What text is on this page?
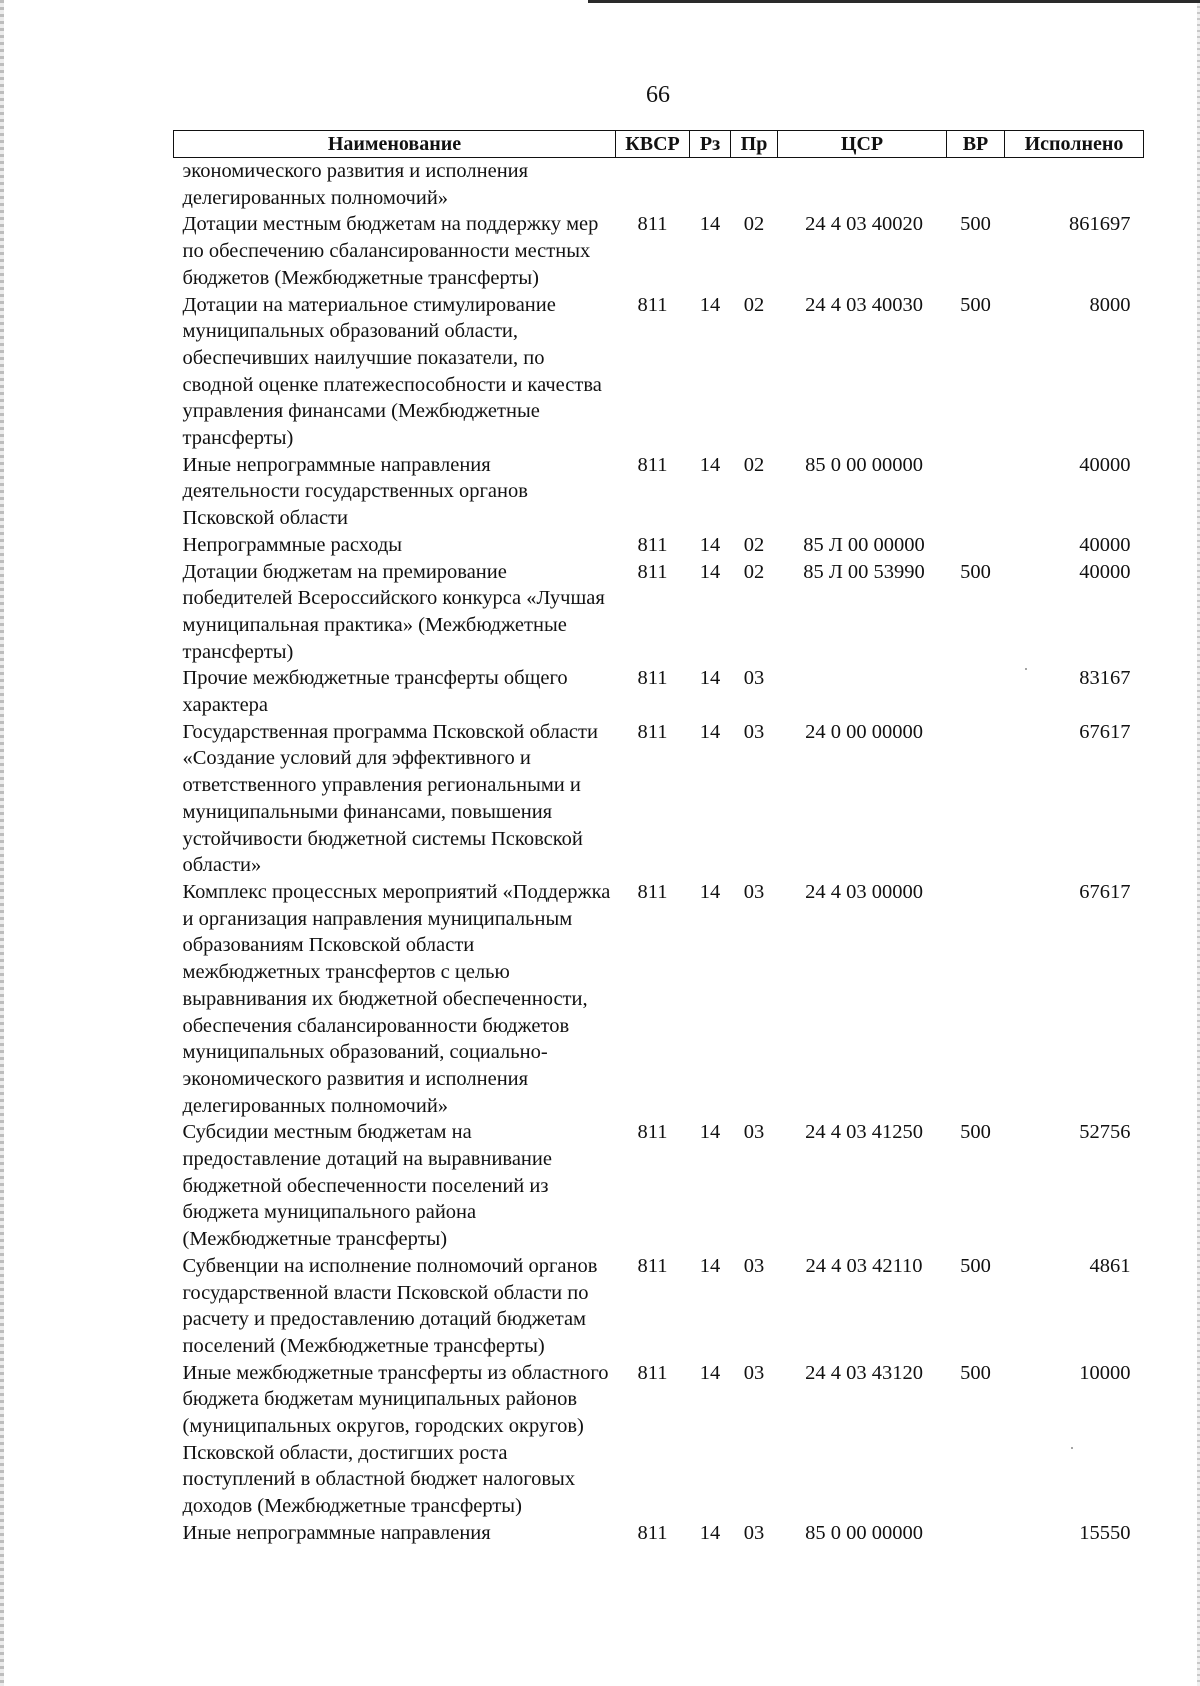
66
Наименование	КВСР	Рз	Пр	ЦСР	ВР	Исполнено
экономического развития и исполнения делегированных полномочий»						
Дотации местным бюджетам на поддержку мер по обеспечению сбалансированности местных бюджетов (Межбюджетные трансферты)	811	14	02	24 4 03 40020	500	861697
Дотации на материальное стимулирование муниципальных образований области, обеспечивших наилучшие показатели, по сводной оценке платежеспособности и качества управления финансами (Межбюджетные трансферты)	811	14	02	24 4 03 40030	500	8000
Иные непрограммные направления деятельности государственных органов Псковской области	811	14	02	85 0 00 00000		40000
Непрограммные расходы	811	14	02	85 Л 00 00000		40000
Дотации бюджетам на премирование победителей Всероссийского конкурса «Лучшая муниципальная практика» (Межбюджетные трансферты)	811	14	02	85 Л 00 53990	500	40000
Прочие межбюджетные трансферты общего характера	811	14	03			83167
Государственная программа Псковской области «Создание условий для эффективного и ответственного управления региональными и муниципальными финансами, повышения устойчивости бюджетной системы Псковской области»	811	14	03	24 0 00 00000		67617
Комплекс процессных мероприятий «Поддержка и организация направления муниципальным образованиям Псковской области межбюджетных трансфертов с целью выравнивания их бюджетной обеспеченности, обеспечения сбалансированности бюджетов муниципальных образований, социально-экономического развития и исполнения делегированных полномочий»	811	14	03	24 4 03 00000		67617
Субсидии местным бюджетам на предоставление дотаций на выравнивание бюджетной обеспеченности поселений из бюджета муниципального района (Межбюджетные трансферты)	811	14	03	24 4 03 41250	500	52756
Субвенции на исполнение полномочий органов государственной власти Псковской области по расчету и предоставлению дотаций бюджетам поселений (Межбюджетные трансферты)	811	14	03	24 4 03 42110	500	4861
Иные межбюджетные трансферты из областного бюджета бюджетам муниципальных районов (муниципальных округов, городских округов) Псковской области, достигших роста поступлений в областной бюджет налоговых доходов (Межбюджетные трансферты)	811	14	03	24 4 03 43120	500	10000
Иные непрограммные направления	811	14	03	85 0 00 00000		15550
